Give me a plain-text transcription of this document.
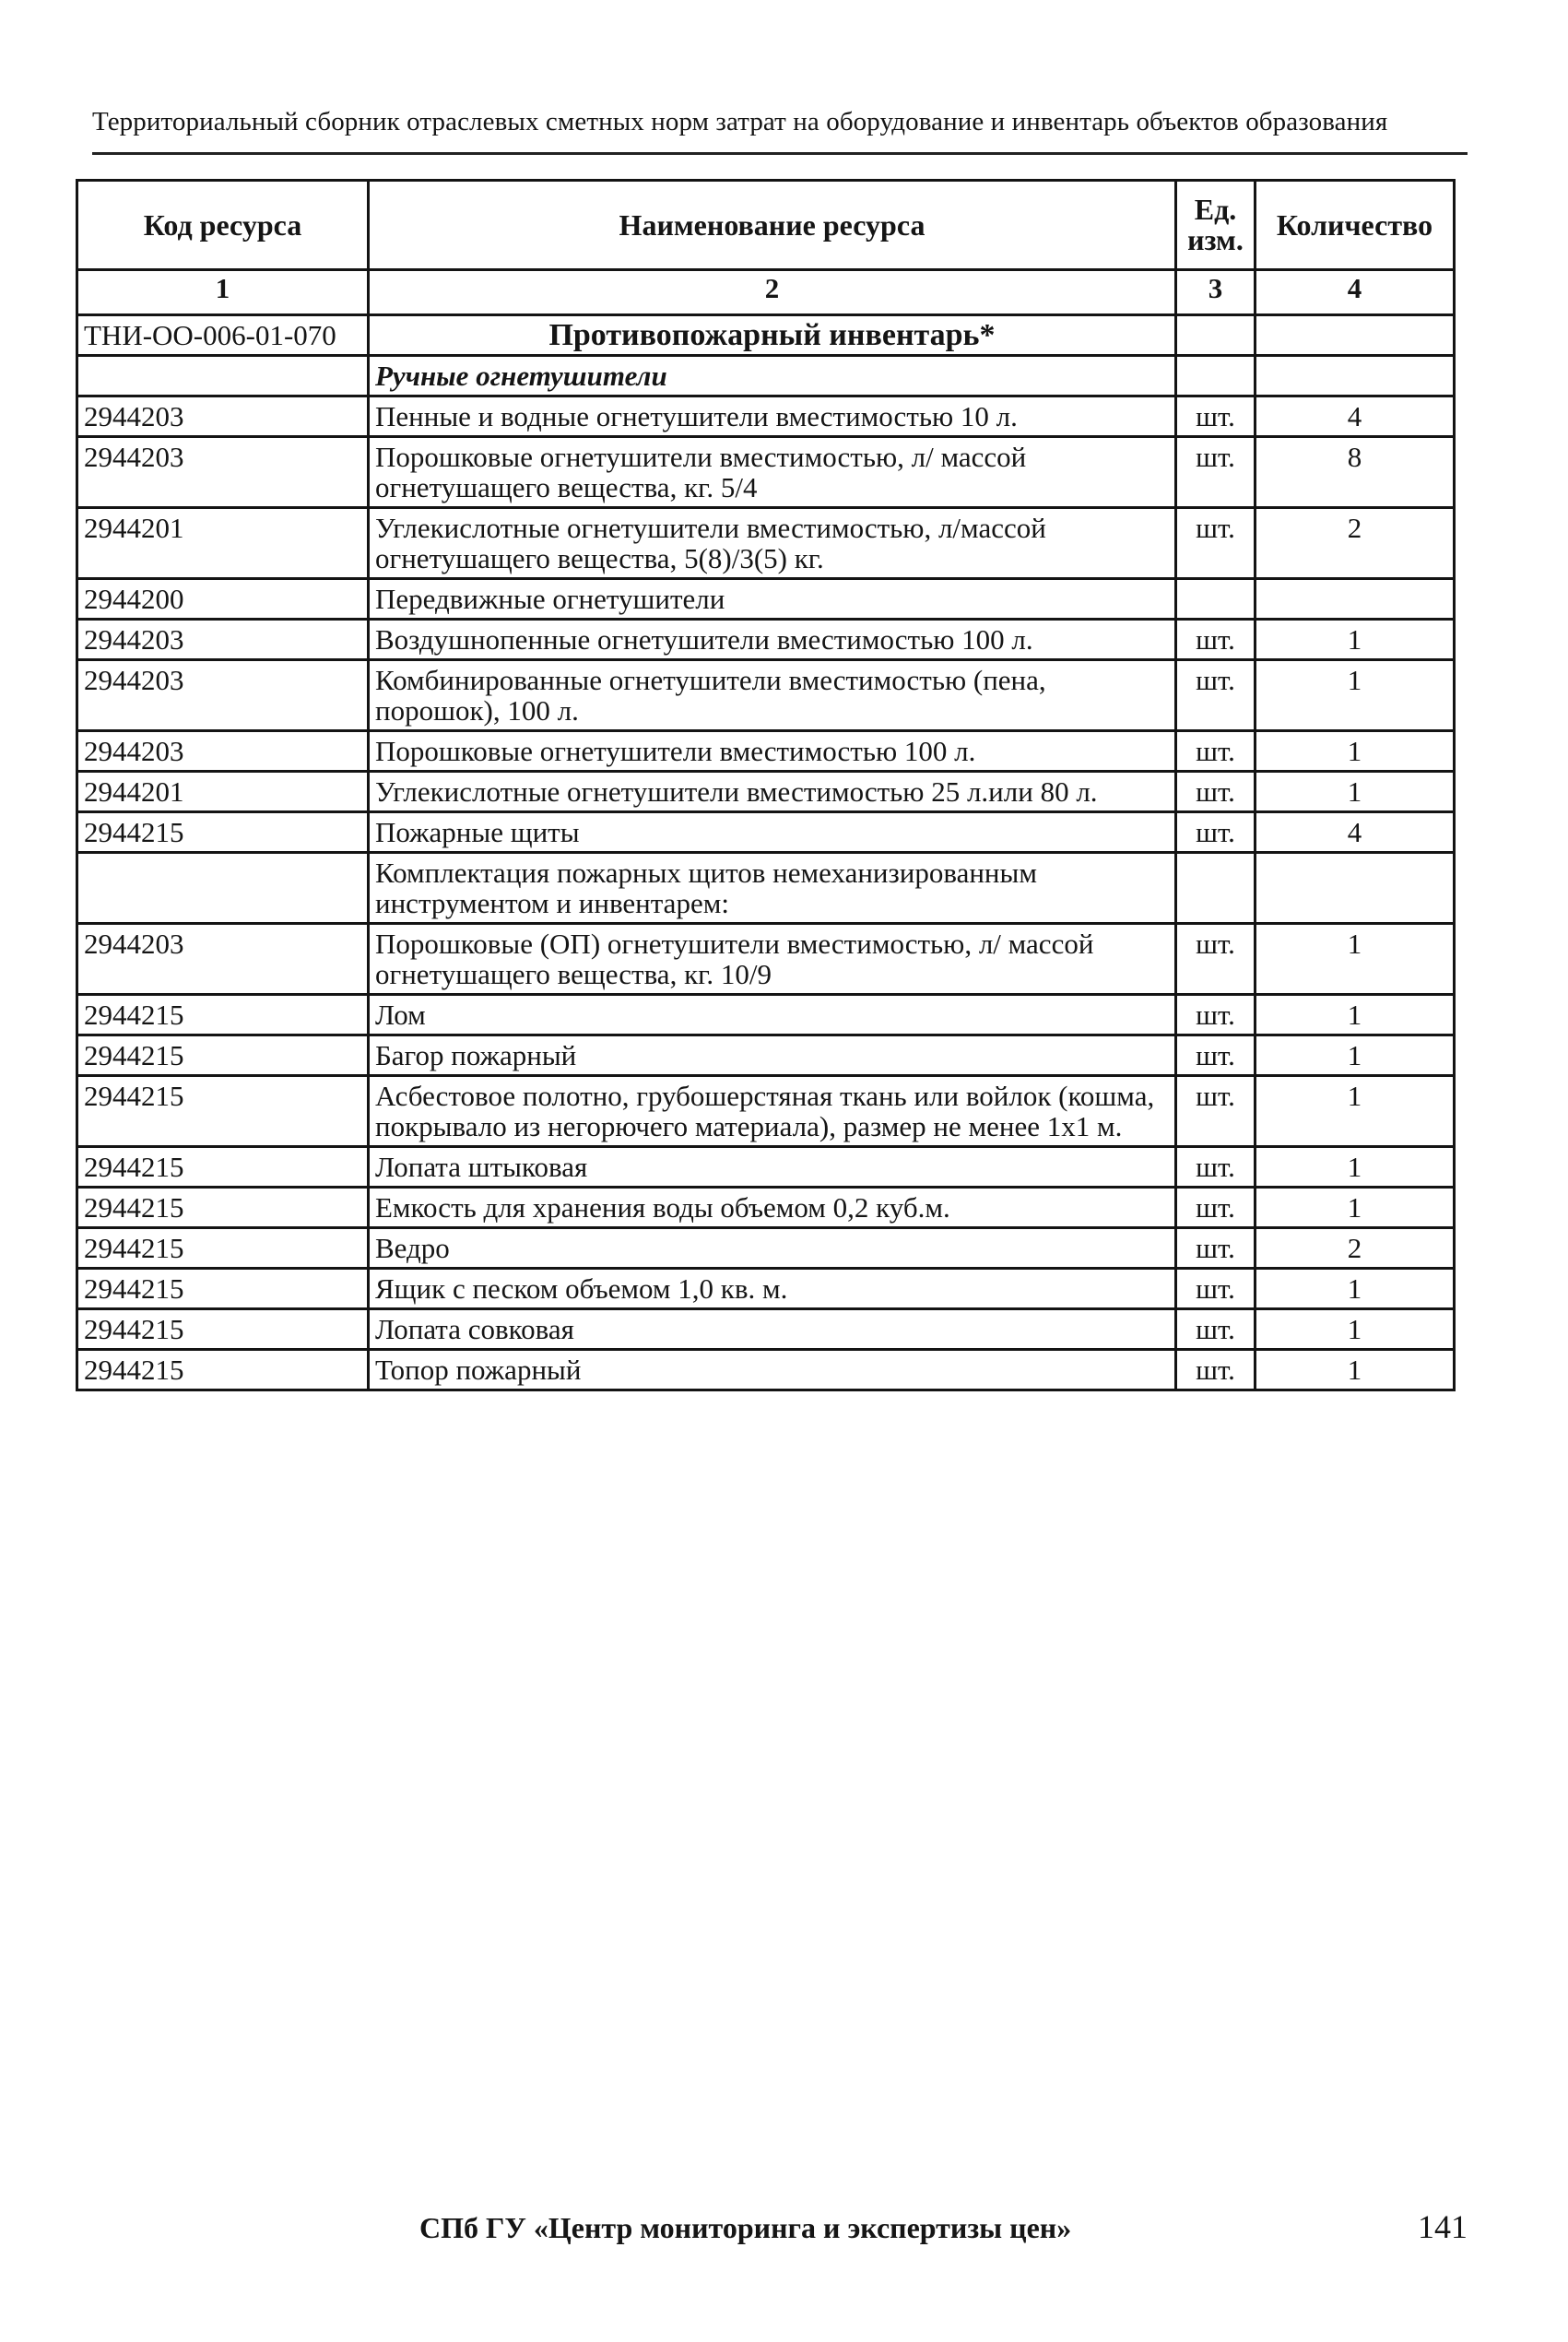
Территориальный сборник отраслевых сметных норм затрат на оборудование и инвентарь объектов образования
Код ресурса	Наименование ресурса	Ед. изм.	Количество
1	2	3	4
ТНИ-ОО-006-01-070	Противопожарный инвентарь*		
	Ручные огнетушители		
2944203	Пенные и водные огнетушители вместимостью 10 л.	шт.	4
2944203	Порошковые огнетушители вместимостью, л/ массой огнетушащего вещества, кг. 5/4	шт.	8
2944201	Углекислотные огнетушители вместимостью, л/массой огнетушащего вещества, 5(8)/3(5) кг.	шт.	2
2944200	Передвижные огнетушители		
2944203	Воздушнопенные огнетушители вместимостью 100 л.	шт.	1
2944203	Комбинированные огнетушители вместимостью (пена, порошок), 100 л.	шт.	1
2944203	Порошковые огнетушители вместимостью 100 л.	шт.	1
2944201	Углекислотные огнетушители вместимостью 25 л.или 80 л.	шт.	1
2944215	Пожарные щиты	шт.	4
	Комплектация пожарных щитов немеханизированным инструментом и инвентарем:		
2944203	Порошковые (ОП) огнетушители вместимостью, л/ массой огнетушащего вещества, кг. 10/9	шт.	1
2944215	Лом	шт.	1
2944215	Багор пожарный	шт.	1
2944215	Асбестовое полотно, грубошерстяная ткань или войлок (кошма, покрывало из негорючего материала), размер не менее 1х1 м.	шт.	1
2944215	Лопата штыковая	шт.	1
2944215	Емкость для хранения воды объемом 0,2 куб.м.	шт.	1
2944215	Ведро	шт.	2
2944215	Ящик с песком объемом 1,0 кв. м.	шт.	1
2944215	Лопата совковая	шт.	1
2944215	Топор пожарный	шт.	1
СПб ГУ «Центр мониторинга и экспертизы цен»	141
